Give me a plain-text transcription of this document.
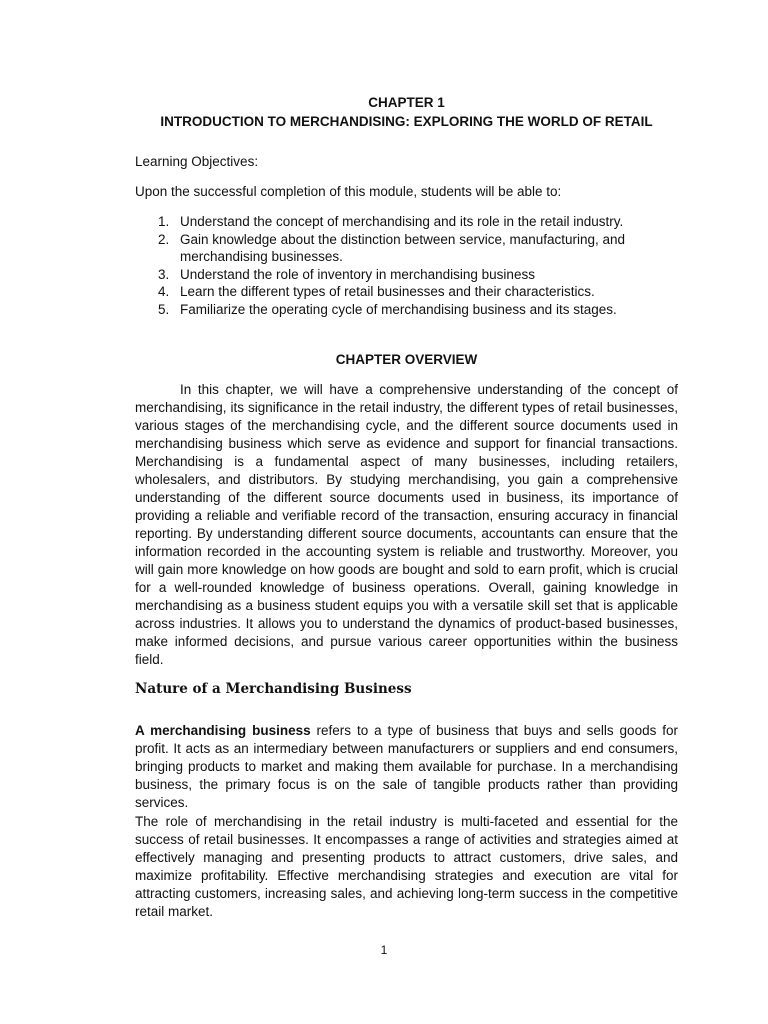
CHAPTER 1
INTRODUCTION TO MERCHANDISING: EXPLORING THE WORLD OF RETAIL
Learning Objectives:
Upon the successful completion of this module, students will be able to:
1. Understand the concept of merchandising and its role in the retail industry.
2. Gain knowledge about the distinction between service, manufacturing, and merchandising businesses.
3. Understand the role of inventory in merchandising business
4. Learn the different types of retail businesses and their characteristics.
5. Familiarize the operating cycle of merchandising business and its stages.
CHAPTER OVERVIEW

In this chapter, we will have a comprehensive understanding of the concept of merchandising, its significance in the retail industry, the different types of retail businesses, various stages of the merchandising cycle, and the different source documents used in merchandising business which serve as evidence and support for financial transactions. Merchandising is a fundamental aspect of many businesses, including retailers, wholesalers, and distributors. By studying merchandising, you gain a comprehensive understanding of the different source documents used in business, its importance of providing a reliable and verifiable record of the transaction, ensuring accuracy in financial reporting. By understanding different source documents, accountants can ensure that the information recorded in the accounting system is reliable and trustworthy. Moreover, you will gain more knowledge on how goods are bought and sold to earn profit, which is crucial for a well-rounded knowledge of business operations. Overall, gaining knowledge in merchandising as a business student equips you with a versatile skill set that is applicable across industries. It allows you to understand the dynamics of product-based businesses, make informed decisions, and pursue various career opportunities within the business field.

Nature of a Merchandising Business

A merchandising business refers to a type of business that buys and sells goods for profit. It acts as an intermediary between manufacturers or suppliers and end consumers, bringing products to market and making them available for purchase. In a merchandising business, the primary focus is on the sale of tangible products rather than providing services.

The role of merchandising in the retail industry is multi-faceted and essential for the success of retail businesses. It encompasses a range of activities and strategies aimed at effectively managing and presenting products to attract customers, drive sales, and maximize profitability. Effective merchandising strategies and execution are vital for attracting customers, increasing sales, and achieving long-term success in the competitive retail market.

1
